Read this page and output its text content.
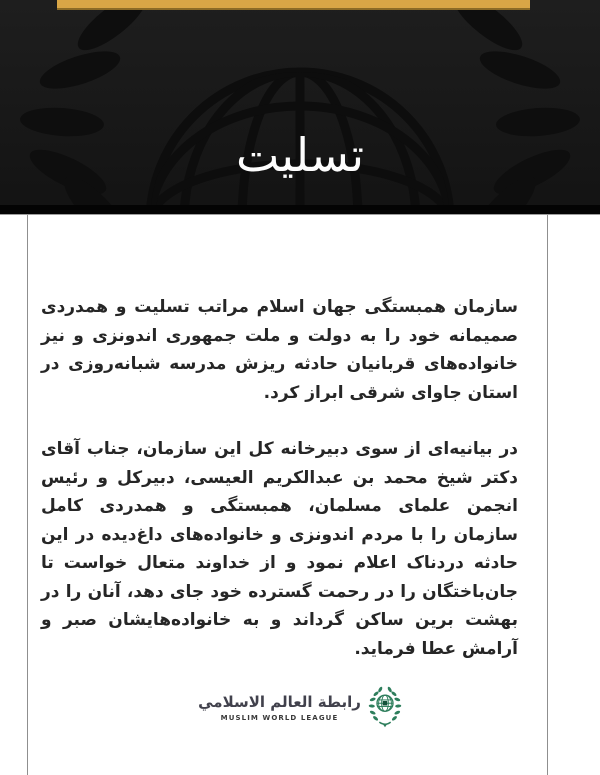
تسلیت

سازمان همبستگی جهان اسلام مراتب تسلیت و همدردی صمیمانه خود را به دولت و ملت جمهوری اندونزی و نیز خانواده‌های قربانیان حادثه ریزش مدرسه شبانه‌روزی در استان جاوای شرقی ابراز کرد.

در بیانیه‌ای از سوی دبیرخانه کل این سازمان، جناب آقای دکتر شیخ محمد بن عبدالکریم العیسی، دبیرکل و رئیس انجمن علمای مسلمان، همبستگی و همدردی کامل سازمان را با مردم اندونزی و خانواده‌های داغ‌دیده در این حادثه دردناک اعلام نمود و از خداوند متعال خواست تا جان‌باختگان را در رحمت گسترده خود جای دهد، آنان را در بهشت برین ساکن گرداند و به خانواده‌هایشان صبر و آرامش عطا فرماید.

رابطة العالم الاسلامي
MUSLIM WORLD LEAGUE
